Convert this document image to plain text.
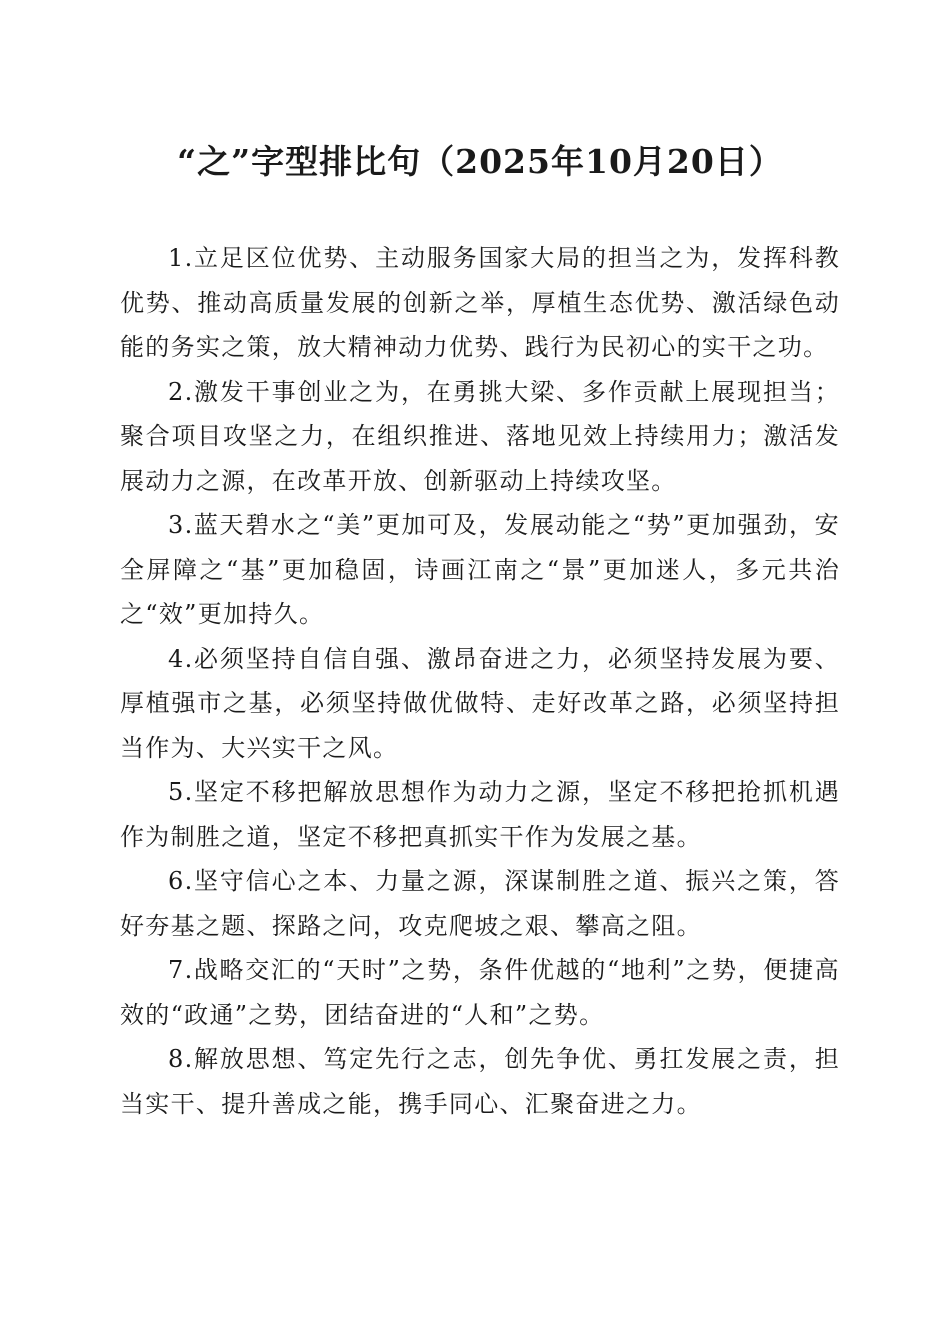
“之”字型排比句（2025年10月20日）

1.立足区位优势、主动服务国家大局的担当之为，发挥科教优势、推动高质量发展的创新之举，厚植生态优势、激活绿色动能的务实之策，放大精神动力优势、践行为民初心的实干之功。

2.激发干事创业之为，在勇挑大梁、多作贡献上展现担当；聚合项目攻坚之力，在组织推进、落地见效上持续用力；激活发展动力之源，在改革开放、创新驱动上持续攻坚。

3.蓝天碧水之“美”更加可及，发展动能之“势”更加强劲，安全屏障之“基”更加稳固，诗画江南之“景”更加迷人，多元共治之“效”更加持久。

4.必须坚持自信自强、激昂奋进之力，必须坚持发展为要、厚植强市之基，必须坚持做优做特、走好改革之路，必须坚持担当作为、大兴实干之风。

5.坚定不移把解放思想作为动力之源，坚定不移把抢抓机遇作为制胜之道，坚定不移把真抓实干作为发展之基。

6.坚守信心之本、力量之源，深谋制胜之道、振兴之策，答好夯基之题、探路之问，攻克爬坡之艰、攀高之阻。

7.战略交汇的“天时”之势，条件优越的“地利”之势，便捷高效的“政通”之势，团结奋进的“人和”之势。

8.解放思想、笃定先行之志，创先争优、勇扛发展之责，担当实干、提升善成之能，携手同心、汇聚奋进之力。
